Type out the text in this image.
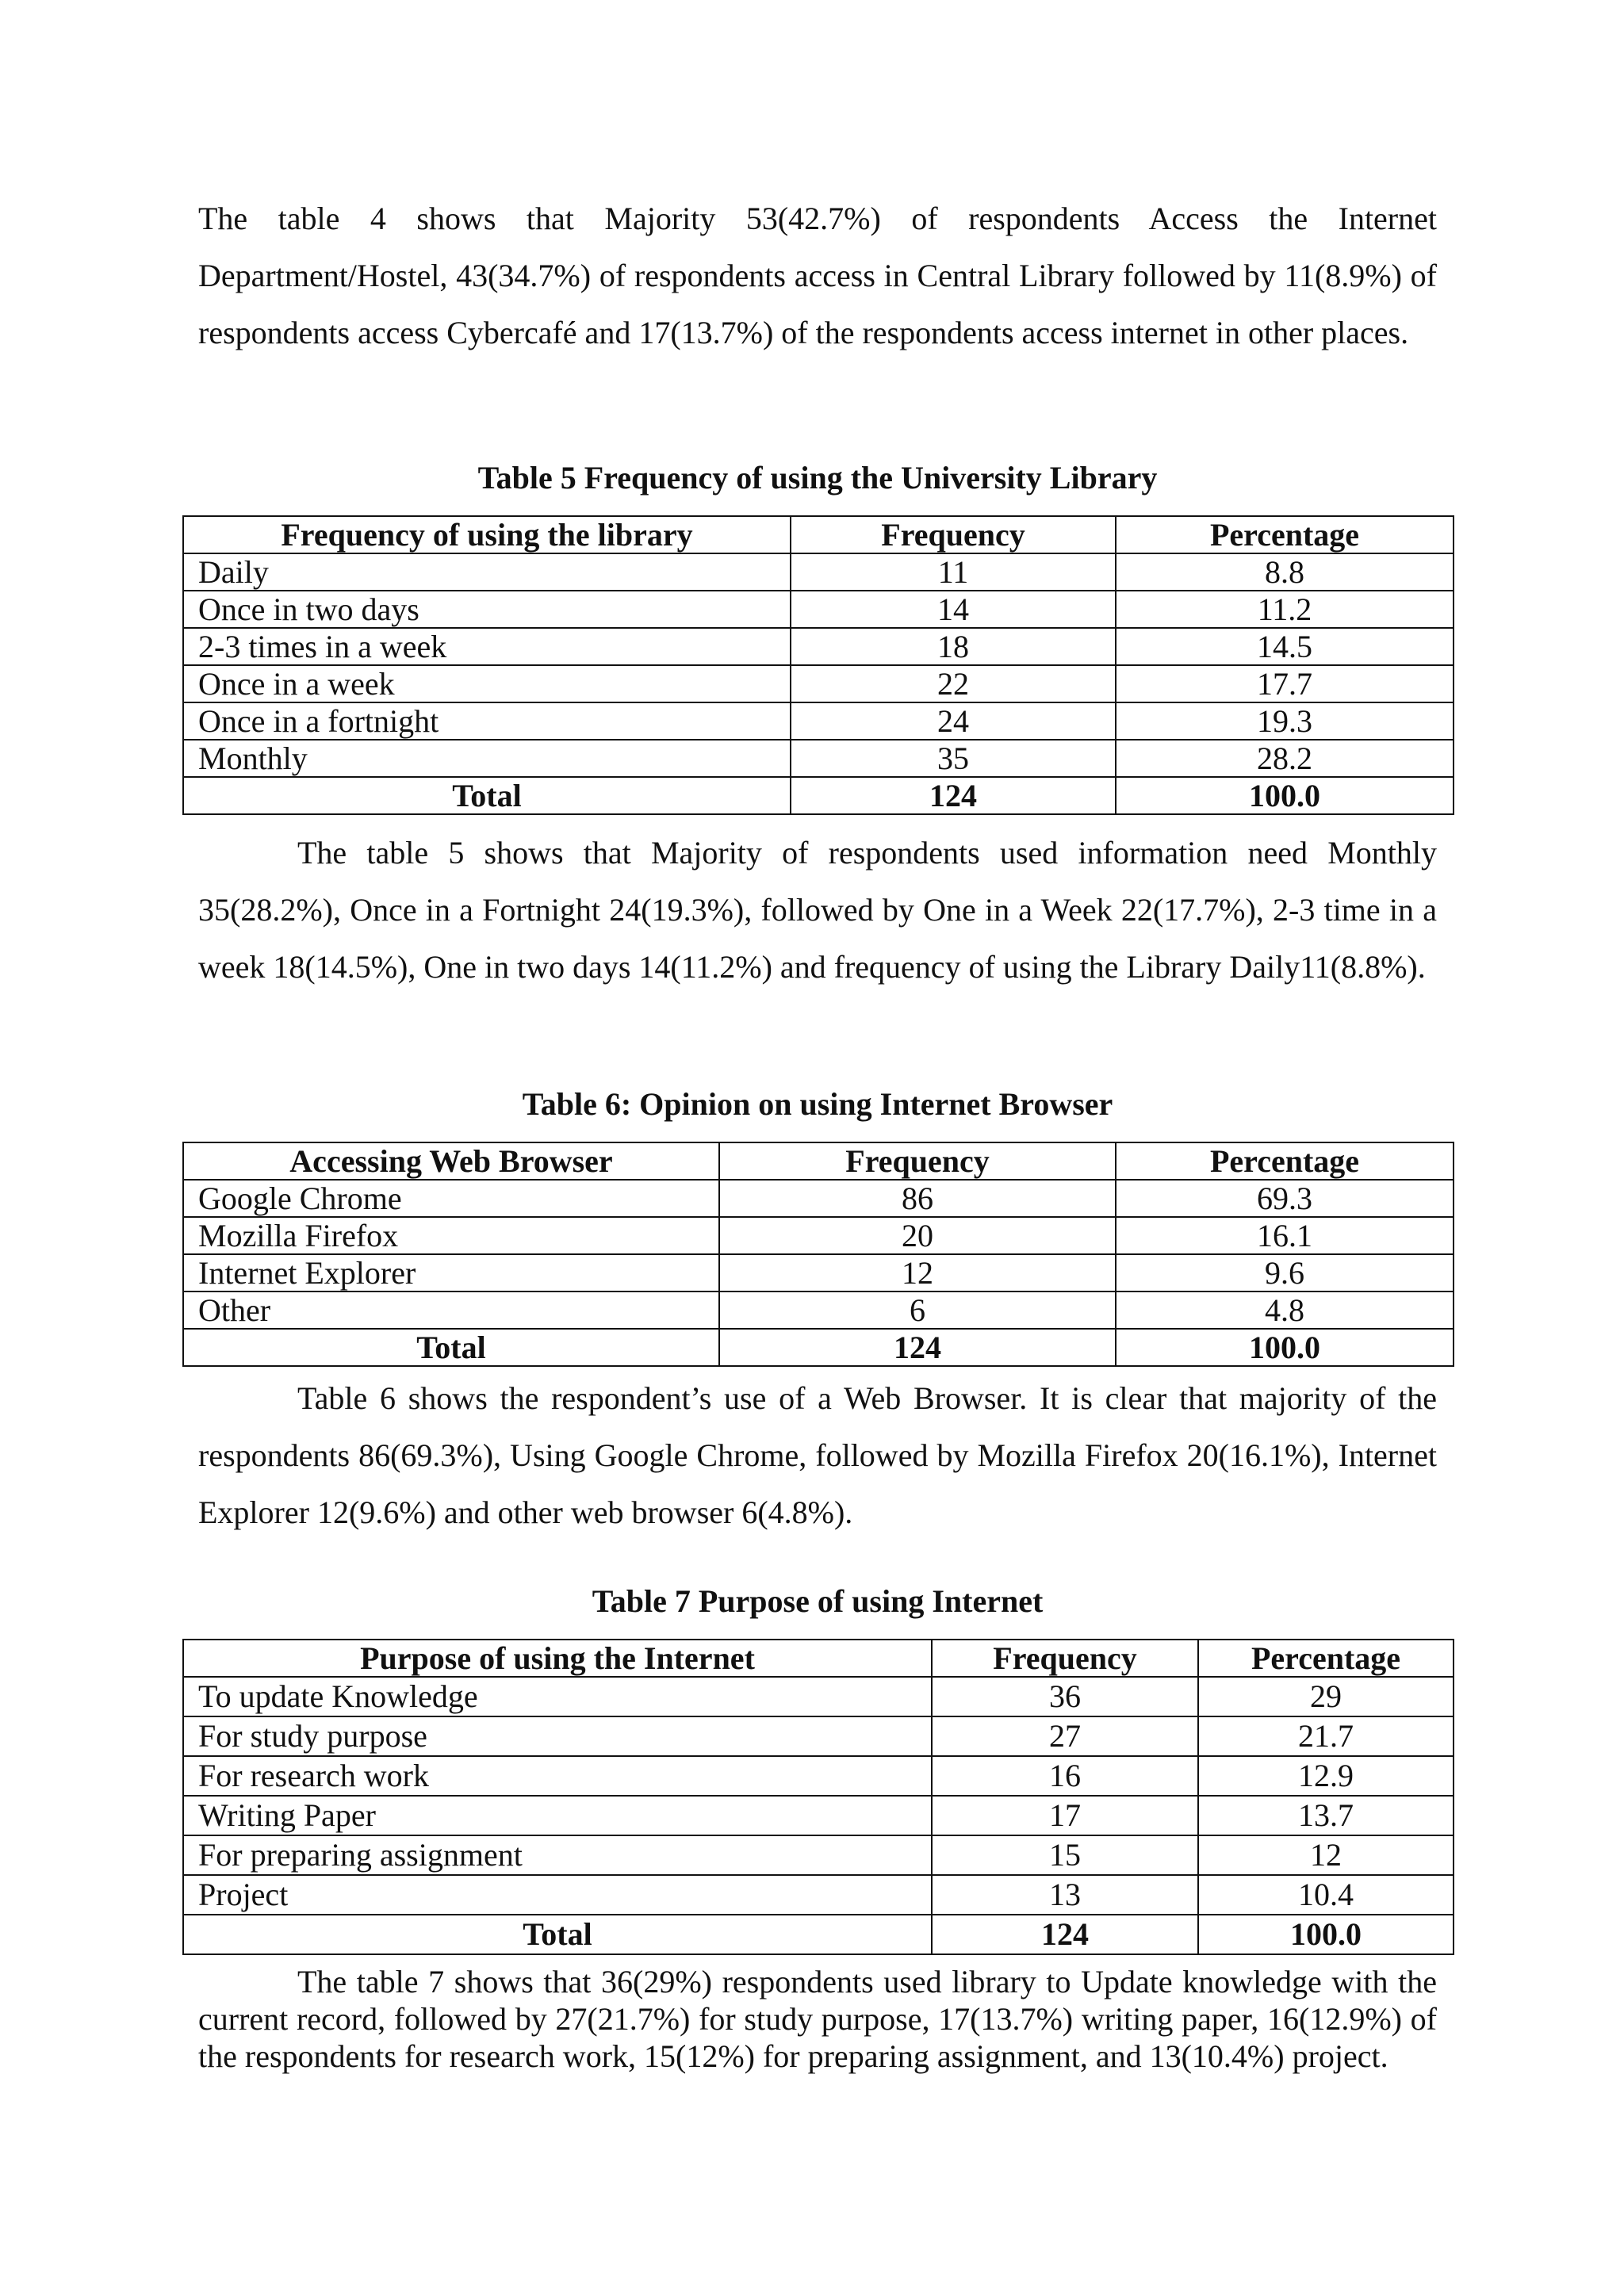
The table 4 shows that Majority 53(42.7%) of respondents Access the Internet Department/Hostel, 43(34.7%) of respondents access in Central Library followed by 11(8.9%) of respondents access Cybercafé and 17(13.7%) of the respondents access internet in other places.

Table 5 Frequency of using the University Library

Frequency of using the library	Frequency	Percentage
Daily	11	8.8
Once in two days	14	11.2
2-3 times in a week	18	14.5
Once in a week	22	17.7
Once in a fortnight	24	19.3
Monthly	35	28.2
Total	124	100.0

The table 5 shows that Majority of respondents used information need Monthly 35(28.2%), Once in a Fortnight 24(19.3%), followed by One in a Week 22(17.7%), 2-3 time in a week 18(14.5%), One in two days 14(11.2%) and frequency of using the Library Daily11(8.8%).

Table 6: Opinion on using Internet Browser

Accessing Web Browser	Frequency	Percentage
Google Chrome	86	69.3
Mozilla Firefox	20	16.1
Internet Explorer	12	9.6
Other	6	4.8
Total	124	100.0

Table 6 shows the respondent’s use of a Web Browser. It is clear that majority of the respondents 86(69.3%), Using Google Chrome, followed by Mozilla Firefox 20(16.1%), Internet Explorer 12(9.6%) and other web browser 6(4.8%).

Table 7 Purpose of using Internet

Purpose of using the Internet	Frequency	Percentage
To update Knowledge	36	29
For study purpose	27	21.7
For research work	16	12.9
Writing Paper	17	13.7
For preparing assignment	15	12
Project	13	10.4
Total	124	100.0

The table 7 shows that 36(29%) respondents used library to Update knowledge with the current record, followed by 27(21.7%) for study purpose, 17(13.7%) writing paper, 16(12.9%) of the respondents for research work, 15(12%) for preparing assignment, and 13(10.4%) project.
